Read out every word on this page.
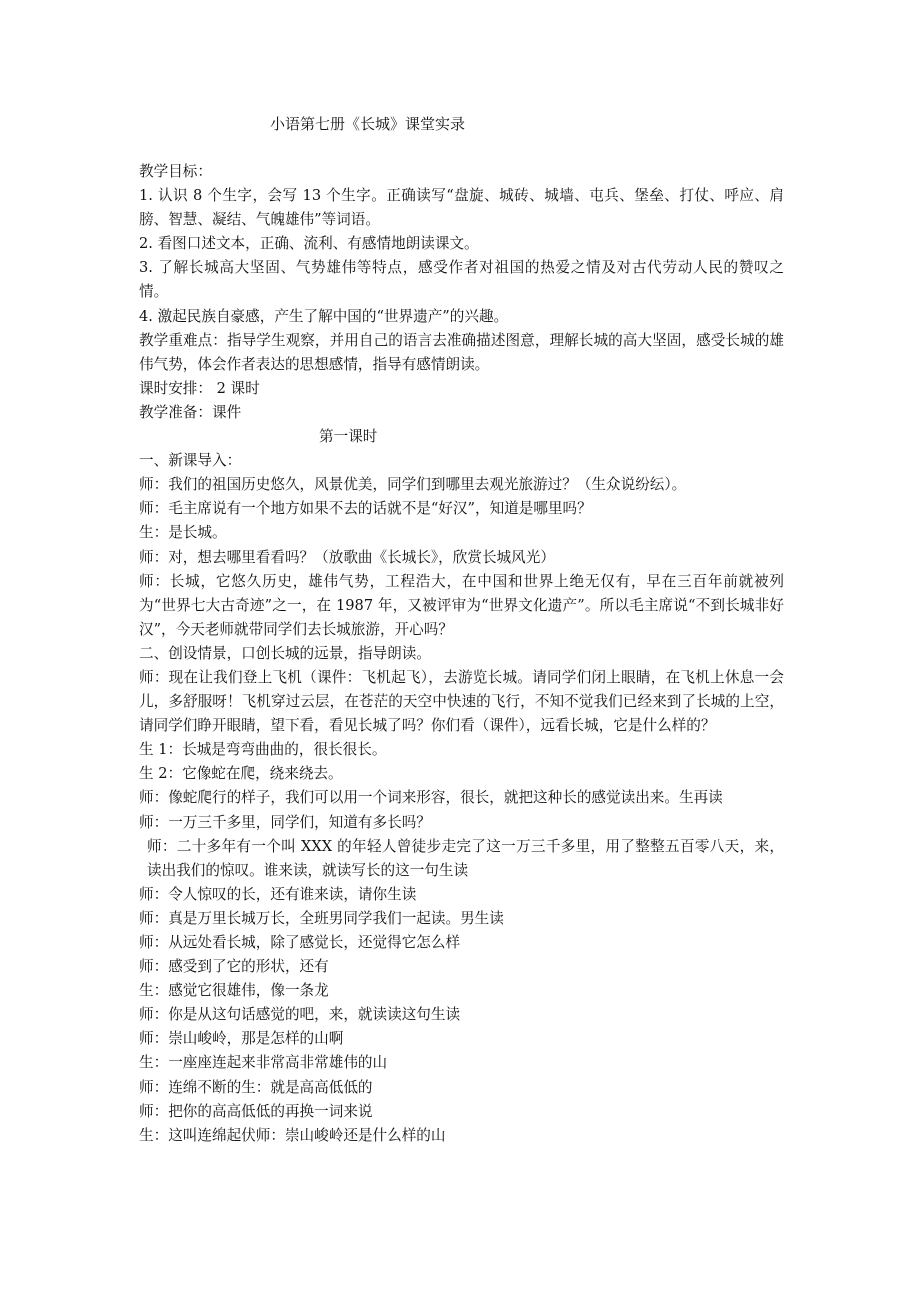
小语第七册《长城》课堂实录

教学目标：

1. 认识 8 个生字，会写 13 个生字。正确读写“盘旋、城砖、城墙、屯兵、堡垒、打仗、呼应、肩膀、智慧、凝结、气魄雄伟”等词语。

2. 看图口述文本，正确、流利、有感情地朗读课文。

3. 了解长城高大坚固、气势雄伟等特点，感受作者对祖国的热爱之情及对古代劳动人民的赞叹之情。

4. 激起民族自豪感，产生了解中国的“世界遗产”的兴趣。

教学重难点：指导学生观察，并用自己的语言去准确描述图意，理解长城的高大坚固，感受长城的雄伟气势，体会作者表达的思想感情，指导有感情朗读。

课时安排： 2 课时

教学准备：课件

第一课时

一、新课导入：

师：我们的祖国历史悠久，风景优美，同学们到哪里去观光旅游过？（生众说纷纭）。

师：毛主席说有一个地方如果不去的话就不是“好汉”，知道是哪里吗？

生：是长城。

师：对，想去哪里看看吗？（放歌曲《长城长》，欣赏长城风光）

师：长城，它悠久历史，雄伟气势，工程浩大，在中国和世界上绝无仅有，早在三百年前就被列为“世界七大古奇迹”之一，在 1987 年，又被评审为“世界文化遗产”。所以毛主席说“不到长城非好汉”，今天老师就带同学们去长城旅游，开心吗？

二、创设情景，口创长城的远景，指导朗读。

师：现在让我们登上飞机（课件：飞机起飞），去游览长城。请同学们闭上眼睛，在飞机上休息一会儿，多舒服呀！飞机穿过云层，在苍茫的天空中快速的飞行，不知不觉我们已经来到了长城的上空，请同学们睁开眼睛，望下看，看见长城了吗？你们看（课件），远看长城，它是什么样的？

生 1：长城是弯弯曲曲的，很长很长。

生 2：它像蛇在爬，绕来绕去。

师：像蛇爬行的样子，我们可以用一个词来形容，很长，就把这种长的感觉读出来。生再读

师：一万三千多里，同学们，知道有多长吗？

师：二十多年有一个叫 XXX 的年轻人曾徒步走完了这一万三千多里，用了整整五百零八天，来，读出我们的惊叹。谁来读，就读写长的这一句生读

师：令人惊叹的长，还有谁来读，请你生读

师：真是万里长城万长，全班男同学我们一起读。男生读

师：从远处看长城，除了感觉长，还觉得它怎么样

师：感受到了它的形状，还有

生：感觉它很雄伟，像一条龙

师：你是从这句话感觉的吧，来，就读读这句生读

师：崇山峻岭，那是怎样的山啊

生：一座座连起来非常高非常雄伟的山

师：连绵不断的生：就是高高低低的

师：把你的高高低低的再换一词来说

生：这叫连绵起伏师：崇山峻岭还是什么样的山
